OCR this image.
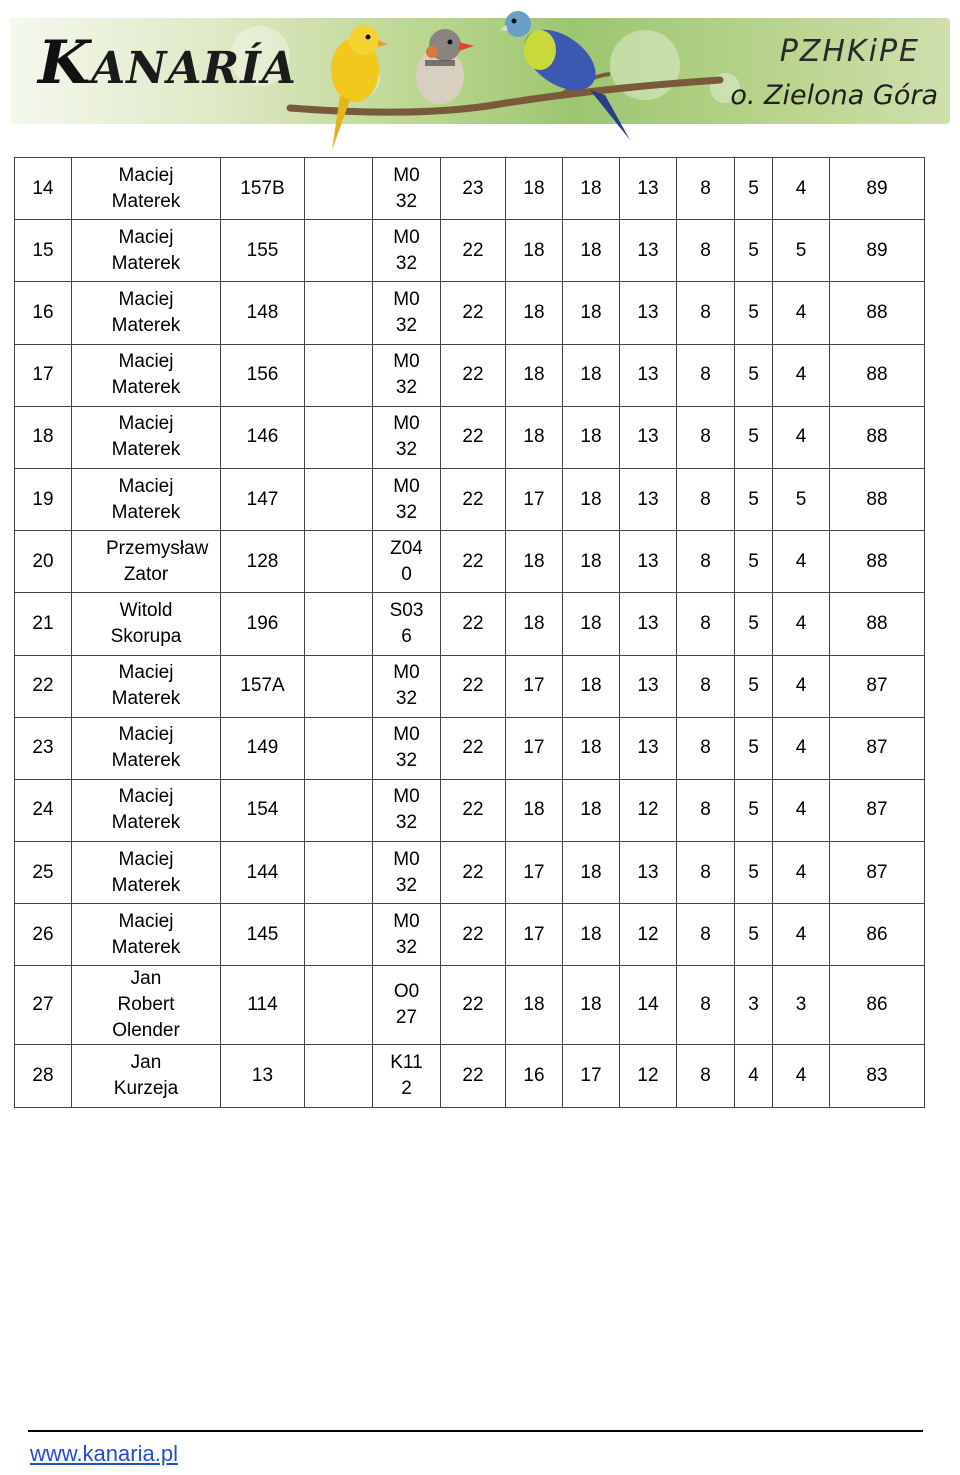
KANARÍA	PZHKiPE
o. Zielona Góra
14	Maciej Materek	157B		M032	23	18	18	13	8	5	4	89
15	Maciej Materek	155		M032	22	18	18	13	8	5	5	89
16	Maciej Materek	148		M032	22	18	18	13	8	5	4	88
17	Maciej Materek	156		M032	22	18	18	13	8	5	4	88
18	Maciej Materek	146		M032	22	18	18	13	8	5	4	88
19	Maciej Materek	147		M032	22	17	18	13	8	5	5	88
20	Przemysław Zator	128		Z040	22	18	18	13	8	5	4	88
21	Witold Skorupa	196		S036	22	18	18	13	8	5	4	88
22	Maciej Materek	157A		M032	22	17	18	13	8	5	4	87
23	Maciej Materek	149		M032	22	17	18	13	8	5	4	87
24	Maciej Materek	154		M032	22	18	18	12	8	5	4	87
25	Maciej Materek	144		M032	22	17	18	13	8	5	4	87
26	Maciej Materek	145		M032	22	17	18	12	8	5	4	86
27	Jan Robert Olender	114		O027	22	18	18	14	8	3	3	86
28	Jan Kurzeja	13		K112	22	16	17	12	8	4	4	83
www.kanaria.pl
